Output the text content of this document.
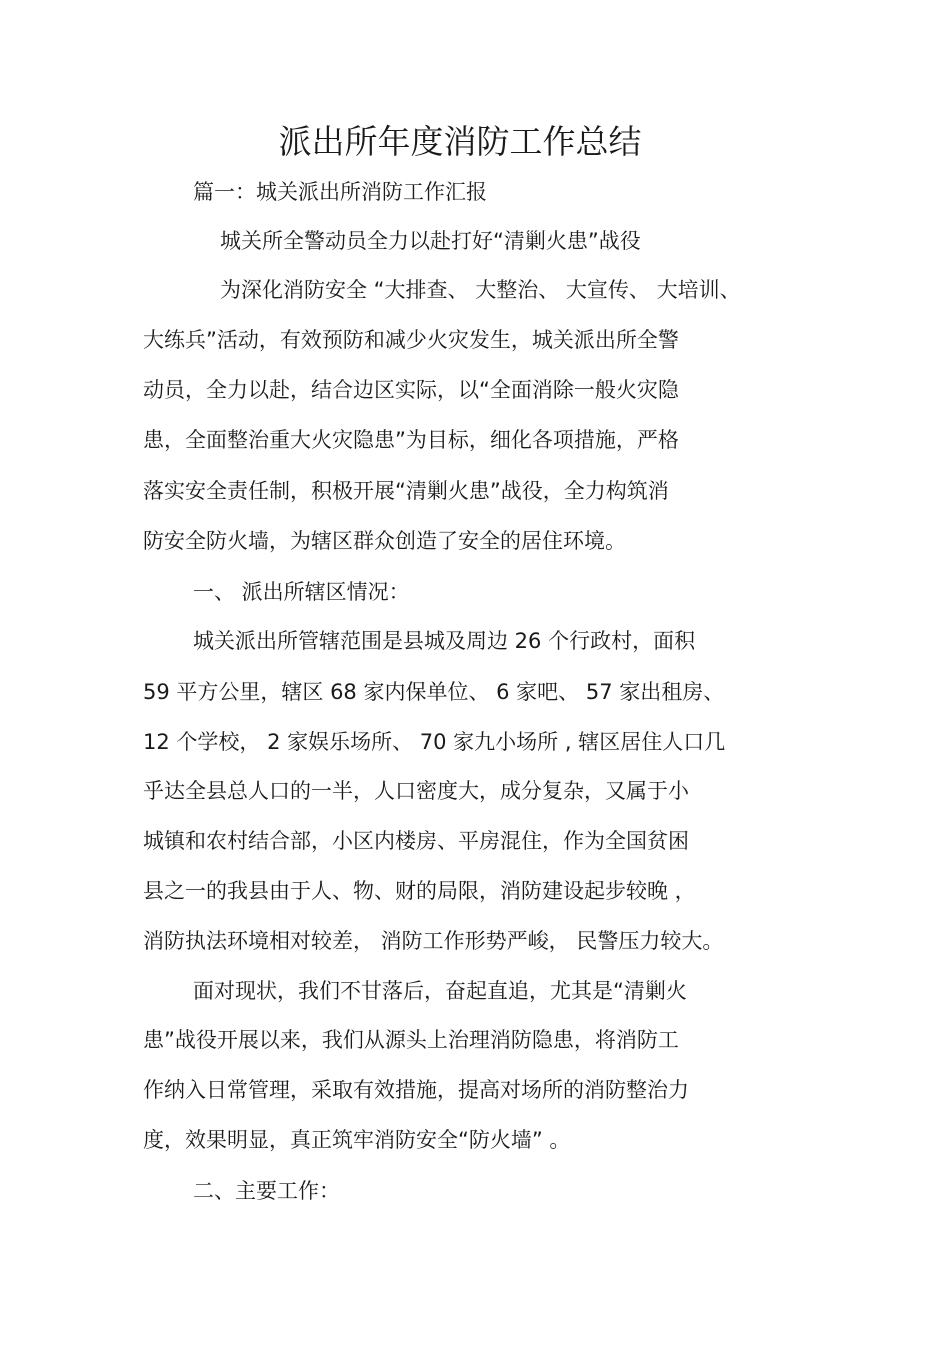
派出所年度消防工作总结
篇一：城关派出所消防工作汇报
城关所全警动员全力以赴打好“清剿火患”战役
为深化消防安全 “大排查、 大整治、 大宣传、 大培训、
大练兵”活动，有效预防和减少火灾发生，城关派出所全警
动员，全力以赴，结合边区实际，以“全面消除一般火灾隐
患，全面整治重大火灾隐患”为目标，细化各项措施，严格
落实安全责任制，积极开展“清剿火患”战役，全力构筑消
防安全防火墙，为辖区群众创造了安全的居住环境。
一、 派出所辖区情况：
城关派出所管辖范围是县城及周边 26 个行政村，面积
59 平方公里，辖区 68 家内保单位、 6 家吧、 57 家出租房、
12 个学校， 2 家娱乐场所、 70 家九小场所 , 辖区居住人口几
乎达全县总人口的一半，人口密度大，成分复杂，又属于小
城镇和农村结合部，小区内楼房、平房混住，作为全国贫困
县之一的我县由于人、物、财的局限，消防建设起步较晚 ，
消防执法环境相对较差， 消防工作形势严峻， 民警压力较大。
面对现状，我们不甘落后，奋起直追，尤其是“清剿火
患”战役开展以来，我们从源头上治理消防隐患，将消防工
作纳入日常管理，采取有效措施，提高对场所的消防整治力
度，效果明显，真正筑牢消防安全“防火墙” 。
二、主要工作：
